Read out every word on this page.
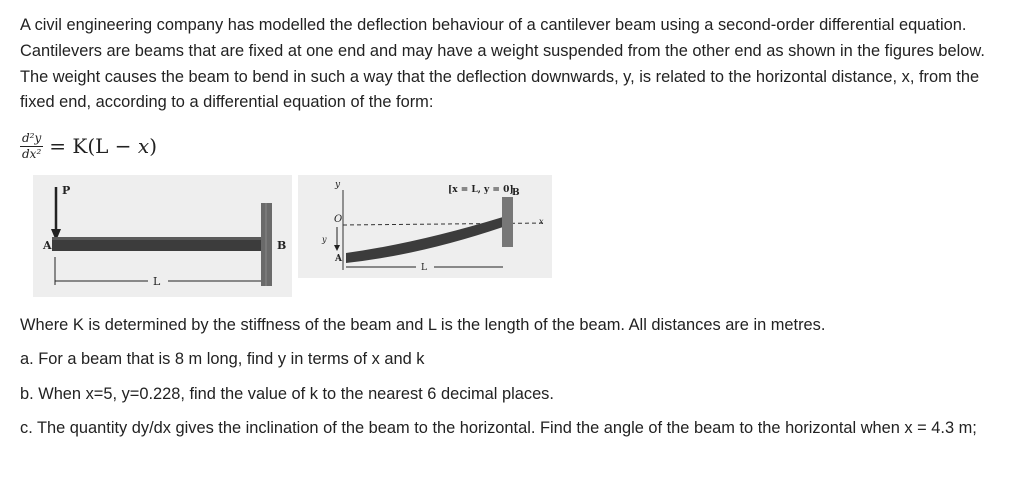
A civil engineering company has modelled the deflection behaviour of a cantilever beam using a second-order differential equation. Cantilevers are beams that are fixed at one end and may have a weight suspended from the other end as shown in the figures below. The weight causes the beam to bend in such a way that the deflection downwards, y, is related to the horizontal distance, x, from the fixed end, according to a differential equation of the form:

$\frac{\text{d²y}}{\text{dx²}} = K(L - x)$
P
A	B
L
y
O	x
B
[x = L, y = 0]
y
A
L

Where K is determined by the stiffness of the beam and L is the length of the beam. All distances are in metres.

a. For a beam that is 8 m long, find y in terms of x and k

b. When x=5, y=0.228, find the value of k to the nearest 6 decimal places.

c. The quantity dy/dx gives the inclination of the beam to the horizontal. Find the angle of the beam to the horizontal when x = 4.3 m;
